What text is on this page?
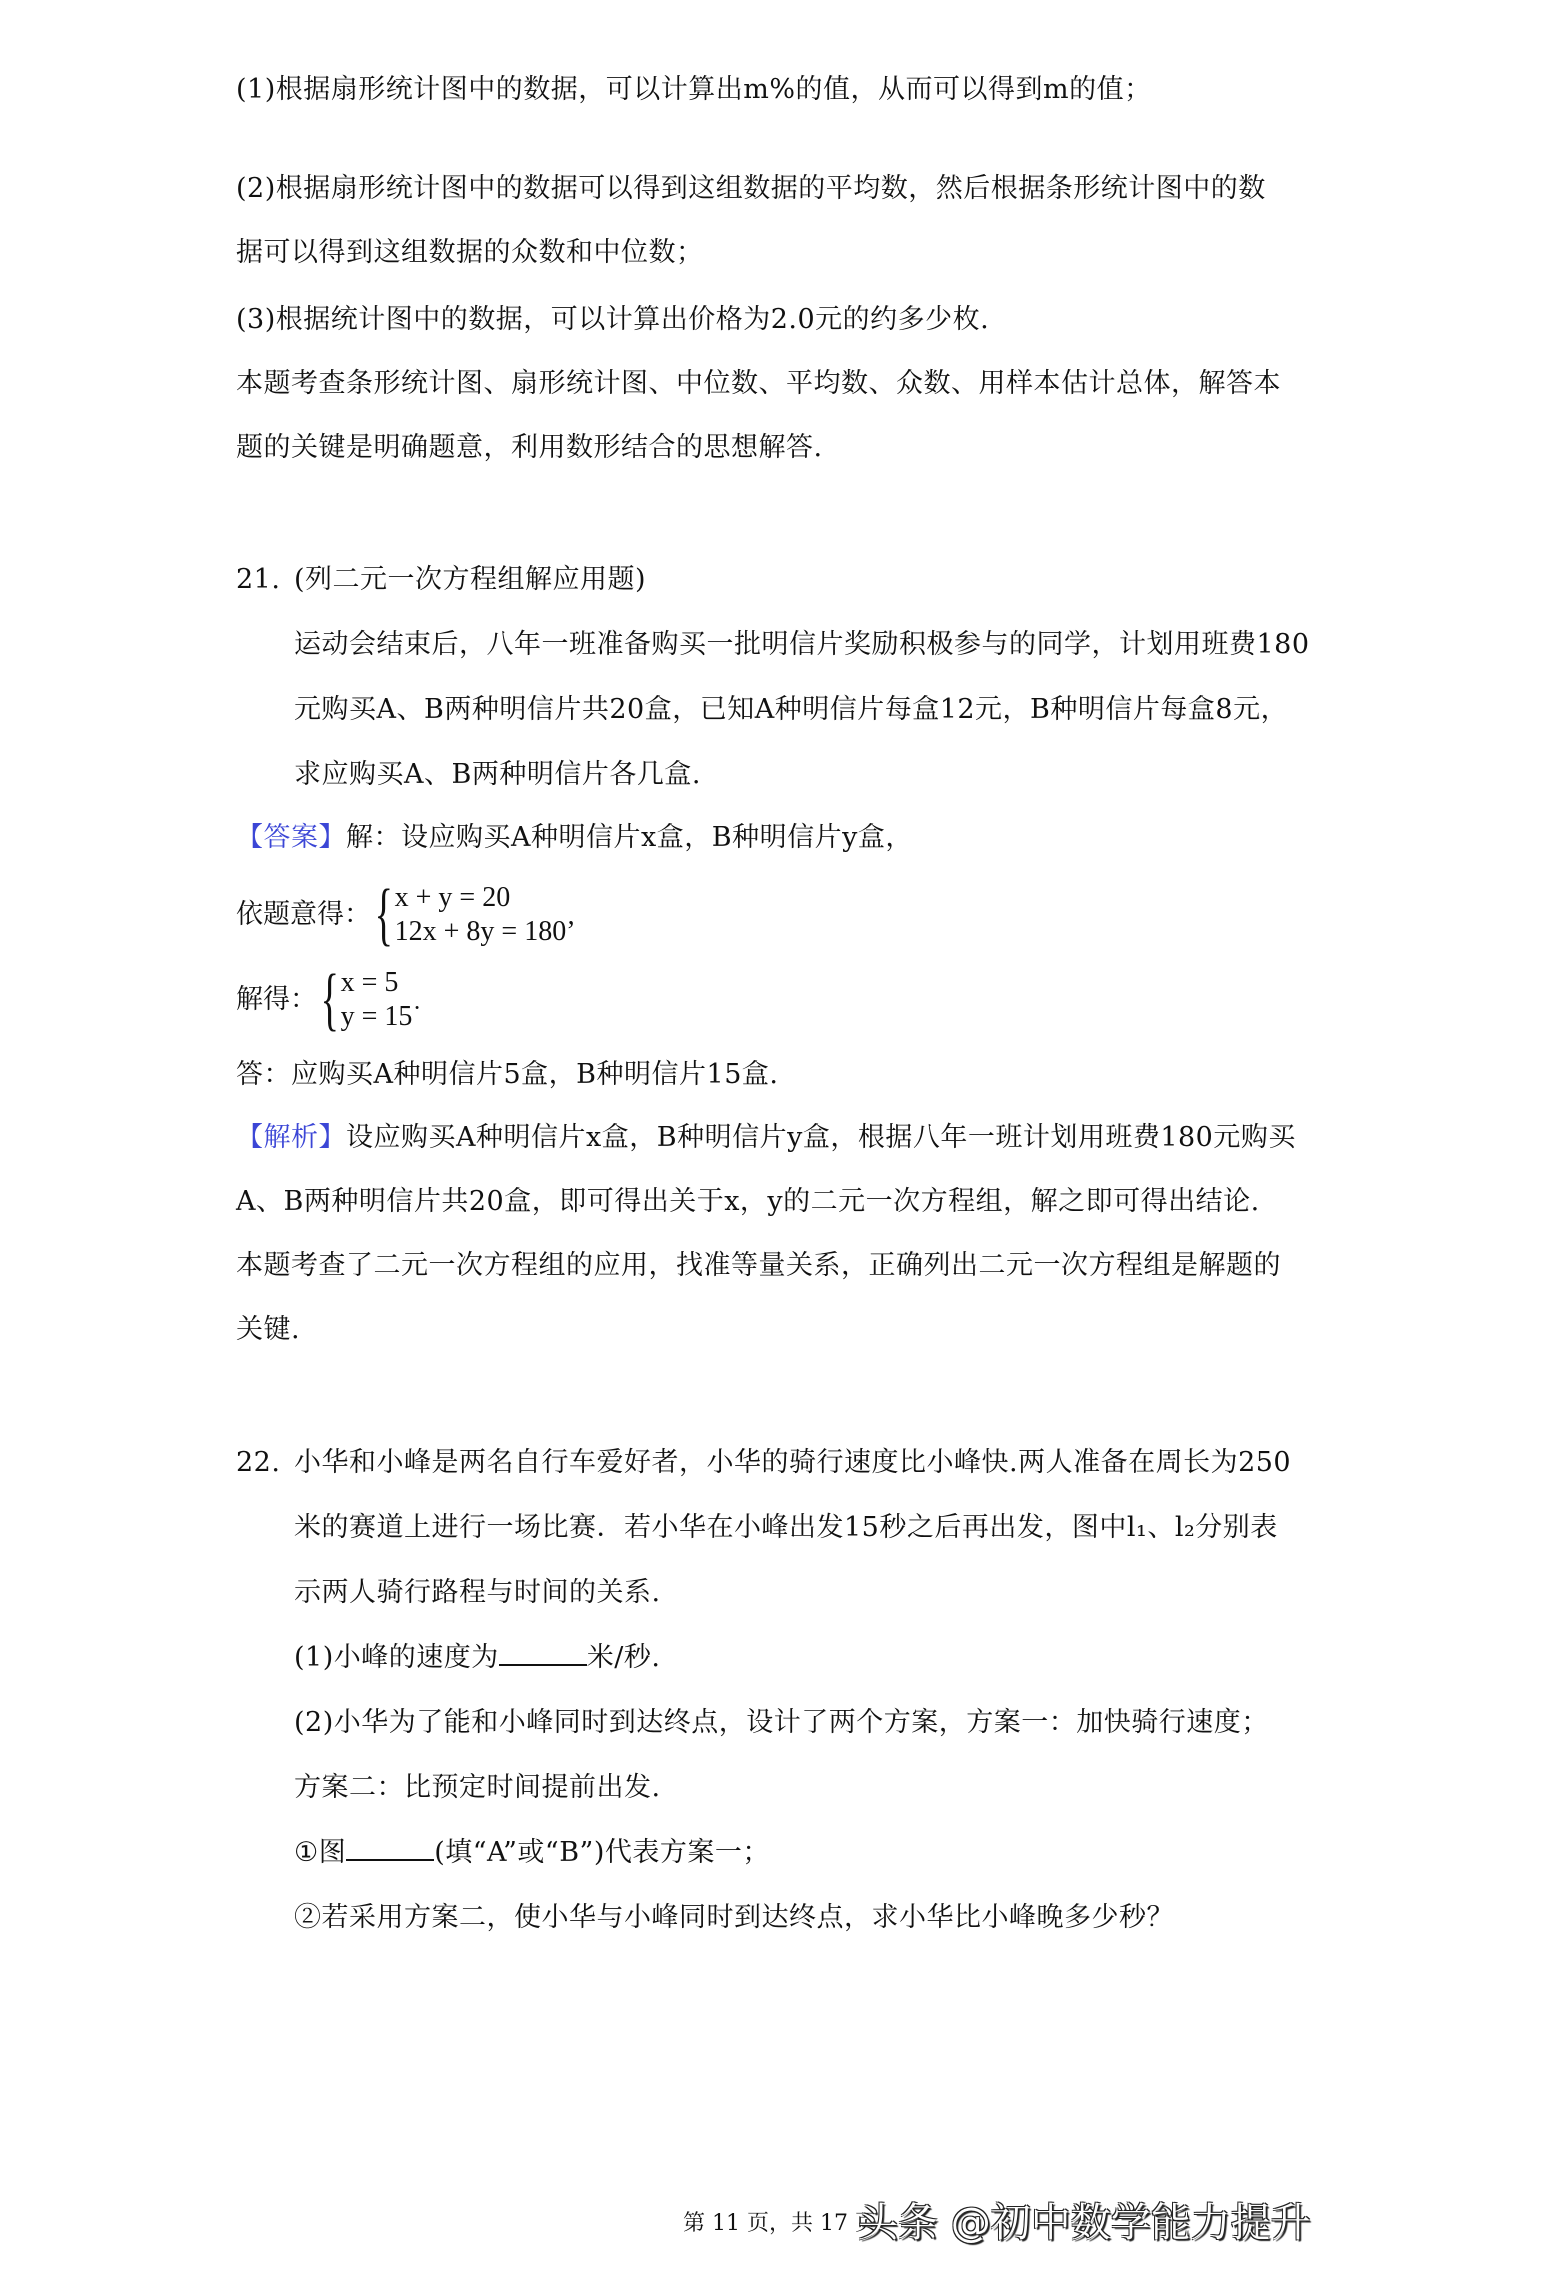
(1)根据扇形统计图中的数据，可以计算出m%的值，从而可以得到m的值；
(2)根据扇形统计图中的数据可以得到这组数据的平均数，然后根据条形统计图中的数
据可以得到这组数据的众数和中位数；
(3)根据统计图中的数据，可以计算出价格为2.0元的约多少枚.
本题考查条形统计图、扇形统计图、中位数、平均数、众数、用样本估计总体，解答本
题的关键是明确题意，利用数形结合的思想解答.
21. (列二元一次方程组解应用题)
运动会结束后，八年一班准备购买一批明信片奖励积极参与的同学，计划用班费180
元购买A、B两种明信片共20盒，已知A种明信片每盒12元，B种明信片每盒8元，
求应购买A、B两种明信片各几盒.
【答案】解：设应购买A种明信片x盒，B种明信片y盒，
依题意得： { x + y = 20
12x + 8y = 180’
解得： { x = 5
y = 15˙
答：应购买A种明信片5盒，B种明信片15盒.
【解析】设应购买A种明信片x盒，B种明信片y盒，根据八年一班计划用班费180元购买
A、B两种明信片共20盒，即可得出关于x，y的二元一次方程组，解之即可得出结论.
本题考查了二元一次方程组的应用，找准等量关系，正确列出二元一次方程组是解题的
关键.
22. 小华和小峰是两名自行车爱好者，小华的骑行速度比小峰快.两人准备在周长为250
米的赛道上进行一场比赛．若小华在小峰出发15秒之后再出发，图中l₁、l₂分别表
示两人骑行路程与时间的关系.
(1)小峰的速度为	米/秒.
(2)小华为了能和小峰同时到达终点，设计了两个方案，方案一：加快骑行速度；
方案二：比预定时间提前出发.
①图	(填“A”或“B”)代表方案一；
②若采用方案二，使小华与小峰同时到达终点，求小华比小峰晚多少秒？
第 11 页，共 17 页
头条 @初中数学能力提升
